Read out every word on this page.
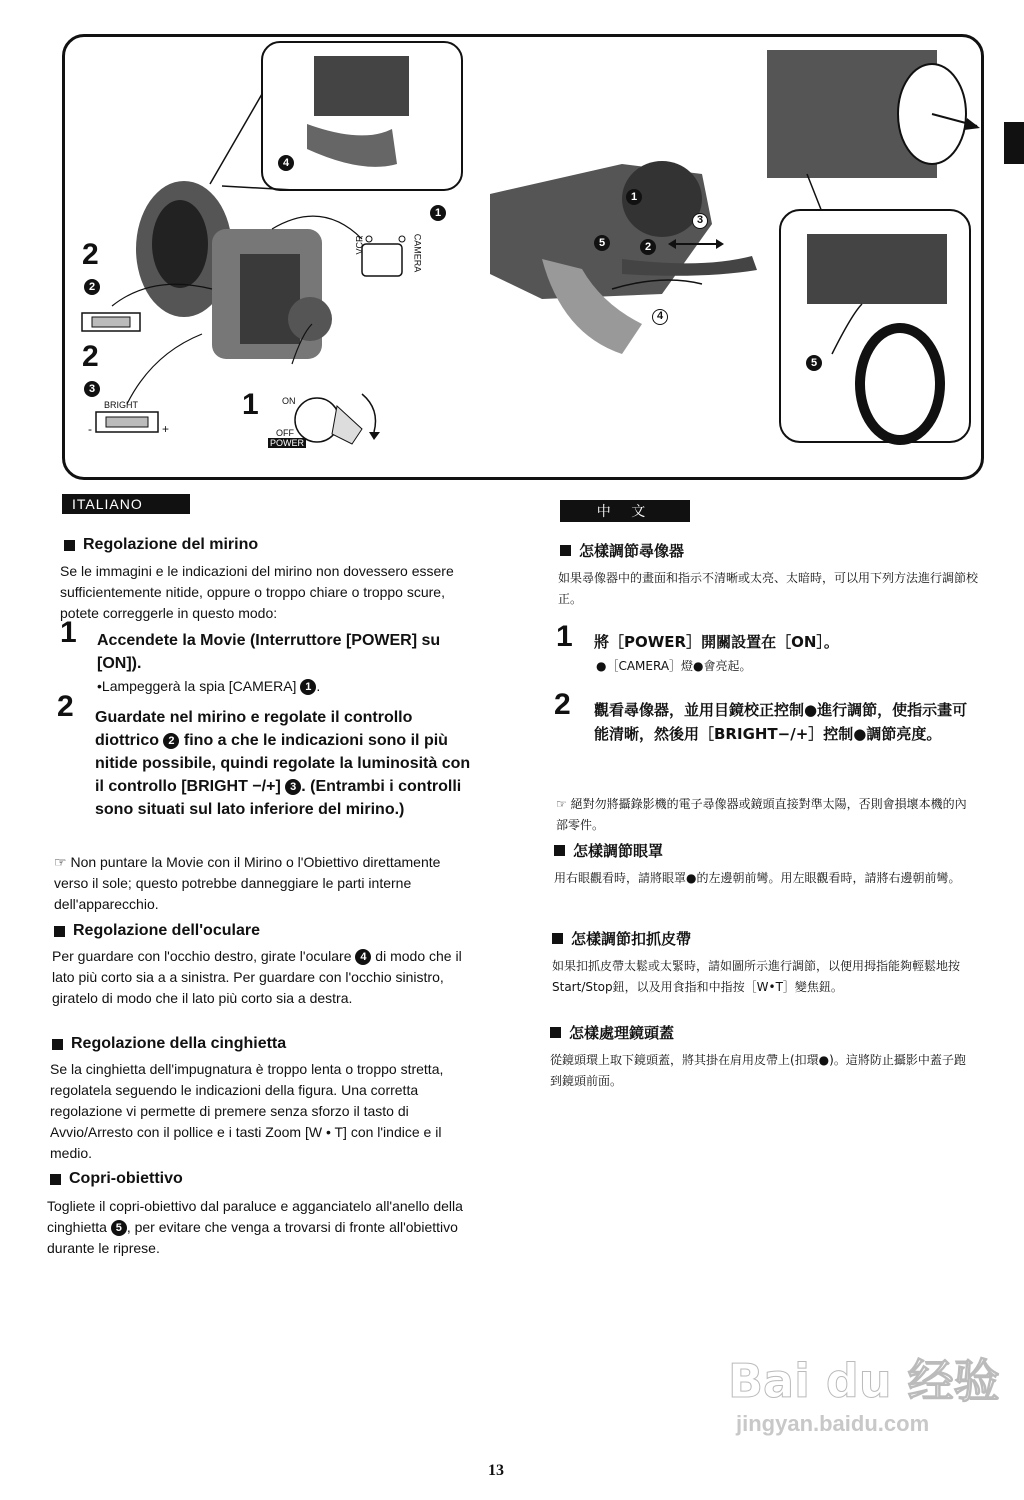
2
2
2
3
BRIGHT
-	+
1	ON
OFF
POWER
1
VCR	CAMERA
4
1
2
3
4
5
5
ITALIANO
Regolazione del mirino
Se le immagini e le indicazioni del mirino non dovessero essere sufficientemente nitide, oppure o troppo chiare o troppo scure, potete correggerle in questo modo:
1 Accendete la Movie (Interruttore [POWER] su [ON]).
•Lampeggerà la spia [CAMERA] 1 .
2 Guardate nel mirino e regolate il controllo diottrico 2 fino a che le indicazioni sono il più nitide possibile, quindi regolate la luminosità con il controllo [BRIGHT −/+] 3 . (Entrambi i controlli sono situati sul lato inferiore del mirino.)
☞ Non puntare la Movie con il Mirino o l'Obiettivo direttamente verso il sole; questo potrebbe danneggiare le parti interne dell'apparecchio.
Regolazione dell'oculare
Per guardare con l'occhio destro, girate l'oculare 4 di modo che il lato più corto sia a a sinistra. Per guardare con l'occhio sinistro, giratelo di modo che il lato più corto sia a destra.
Regolazione della cinghietta
Se la cinghietta dell'impugnatura è troppo lenta o troppo stretta, regolatela seguendo le indicazioni della figura. Una corretta regolazione vi permette di premere senza sforzo il tasto di Avvio/Arresto con il pollice e i tasti Zoom [W • T] con l'indice e il medio.
Copri-obiettivo
Toglietе il copri-obiettivo dal paraluce e agganciatelo all'anello della cinghietta 5 , per evitare che venga a trovarsi di fronte all'obiettivo durante le riprese.
中 文
怎樣調節尋像器
如果尋像器中的畫面和指示不清晰或太亮、太暗時，可以用下列方法進行調節校正。
1 將［POWER］開關設置在［ON］。
●［CAMERA］燈●會亮起。
2 觀看尋像器，並用目鏡校正控制●進行調節，使指示畫可能清晰，然後用［BRIGHT−/+］控制●調節亮度。
☞ 絕對勿將攝錄影機的電子尋像器或鏡頭直接對準太陽，否則會損壞本機的內部零件。
怎樣調節眼罩
用右眼觀看時，請將眼罩●的左邊朝前彎。用左眼觀看時，請將右邊朝前彎。
怎樣調節扣抓皮帶
如果扣抓皮帶太鬆或太緊時，請如圖所示進行調節，以便用拇指能夠輕鬆地按Start/Stop鈕，以及用食指和中指按［W•T］變焦鈕。
怎樣處理鏡頭蓋
從鏡頭環上取下鏡頭蓋，將其掛在肩用皮帶上(扣環●)。這將防止攝影中蓋子跑到鏡頭前面。
13
Bai du 经验
jingyan.baidu.com
